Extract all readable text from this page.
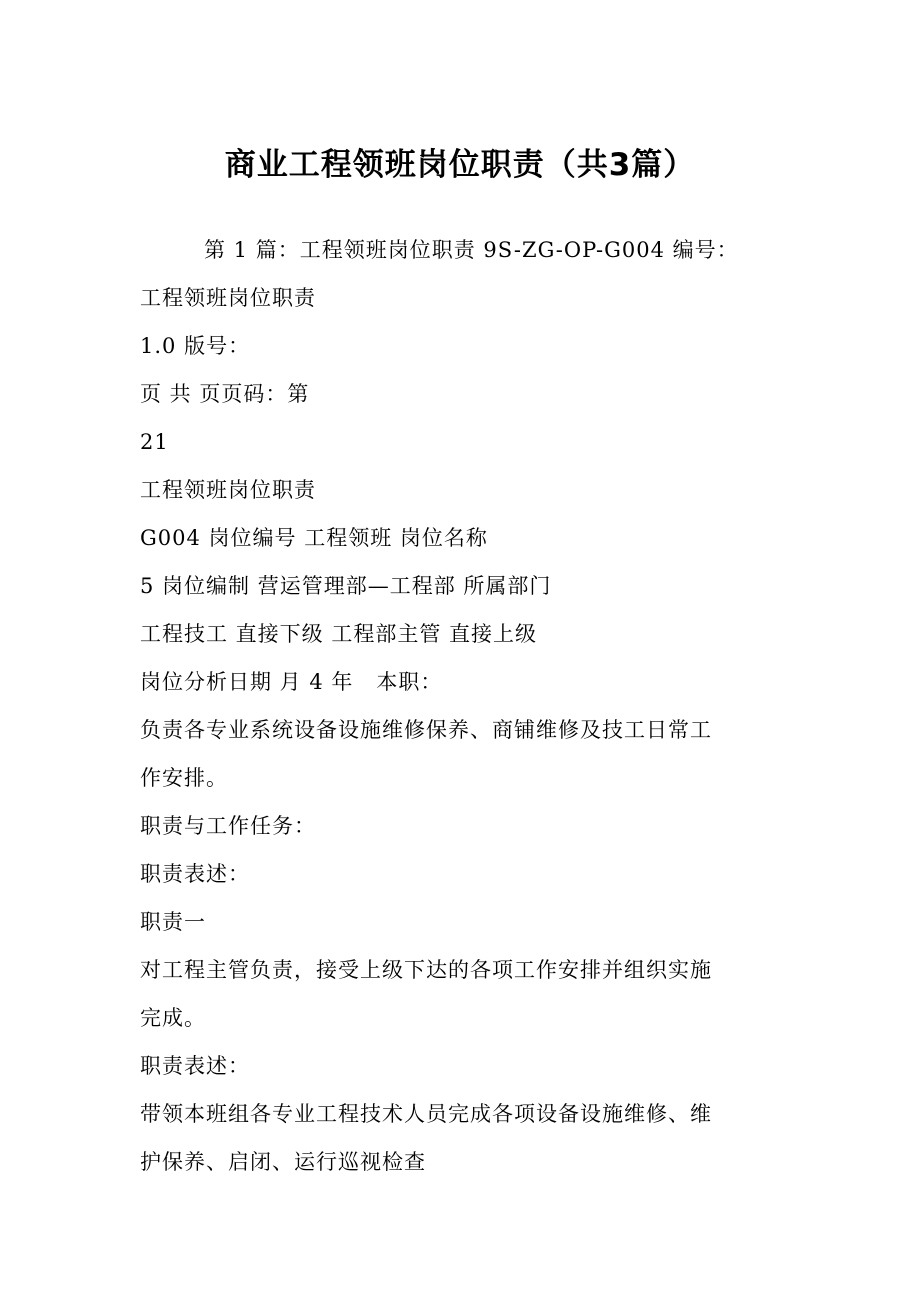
商业工程领班岗位职责（共3篇）
第 1 篇：工程领班岗位职责 9S-ZG-OP-G004 编号：
工程领班岗位职责
1.0 版号：
页 共 页页码：第
21
工程领班岗位职责
G004 岗位编号 工程领班 岗位名称
5 岗位编制 营运管理部—工程部 所属部门
工程技工 直接下级 工程部主管 直接上级
岗位分析日期 月 4 年   本职：
负责各专业系统设备设施维修保养、商铺维修及技工日常工
作安排。
职责与工作任务：
职责表述：
职责一
对工程主管负责，接受上级下达的各项工作安排并组织实施
完成。
职责表述：
带领本班组各专业工程技术人员完成各项设备设施维修、维
护保养、启闭、运行巡视检查
